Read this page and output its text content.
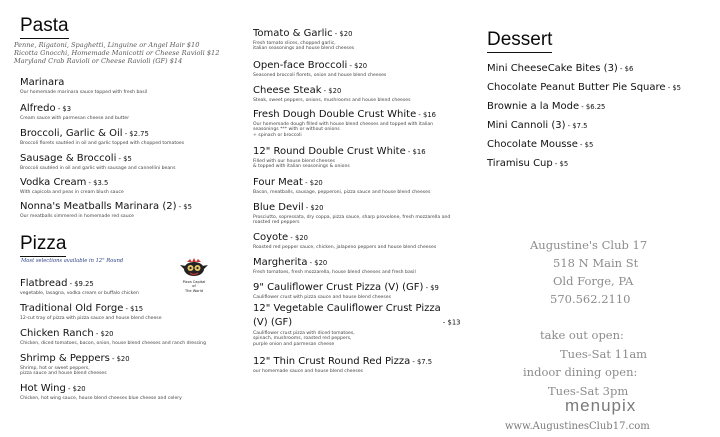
Pasta
Penne, Rigatoni, Spaghetti, Linguine or Angel Hair $10
Ricotta Gnocchi, Homemade Manicotti or Cheese Ravioli $12
Maryland Crab Ravioli or Cheese Ravioli (GF) $14
Marinara
Our homemade marinara sauce topped with fresh basil
Alfredo - $3
Cream sauce with parmesan cheese and butter
Broccoli, Garlic & Oil - $2.75
Broccoli florets sautéed in oil and garlic topped with chopped tomatoes
Sausage & Broccoli - $5
Broccoli sautéed in oil and garlic with sausage and cannellini beans
Vodka Cream - $3.5
With capicola and peas in cream blush sauce
Nonna's Meatballs Marinara (2) - $5
Our meatballs simmered in homemade red sauce
Pizza
Most selections available in 12" Round
Pizza Capital
of
The World
Flatbread - $9.25
vegetable, lasagna, vodka cream or buffalo chicken
Traditional Old Forge - $15
12-cut tray of pizza with pizza sauce and house blend cheese
Chicken Ranch - $20
Chicken, diced tomatoes, bacon, onion, house blend cheeses and ranch dressing
Shrimp & Peppers - $20
Shrimp, hot or sweet peppers,
pizza sauce and house blend cheeses
Hot Wing - $20
Chicken, hot wing sauce, house blend cheeses blue cheese and celery
Tomato & Garlic - $20
Fresh tomato slices, chopped garlic,
italian seasonings and house blend cheeses
Open-face Broccoli - $20
Seasoned broccoli florets, onion and house blend cheeses
Cheese Steak - $20
Steak, sweet peppers, onions, mushrooms and house blend cheeses
Fresh Dough Double Crust White - $16
Our homemade dough filled with house blend cheeses and topped with italian
seasonings *** with or without onions
+ spinach or broccoli
12" Round Double Crust White - $16
Filled with our house blend cheeses
& topped with italian seasonings & onions
Four Meat - $20
Bacon, meatballs, sausage, pepperoni, pizza sauce and house blend cheeses
Blue Devil - $20
Prosciutto, sopressata, dry coppa, pizza sauce, sharp provolone, fresh mozzarella and
roasted red peppers
Coyote - $20
Roasted red pepper sauce, chicken, jalapeno peppers and house blend cheeses
Margherita - $20
Fresh tomatoes, fresh mozzarella, house blend cheeses and fresh basil
9" Cauliflower Crust Pizza (V) (GF) - $9
Cauliflower crust with pizza sauce and house blend cheeses
12" Vegetable Cauliflower Crust Pizza
(V) (GF)	- $13
Cauliflower crust pizza with diced tomatoes,
spinach, mushrooms, roasted red peppers,
purple onion and parmesan cheese
12" Thin Crust Round Red Pizza - $7.5
our homemade sauce and house blend cheeses
Dessert
Mini CheeseCake Bites (3) - $6
Chocolate Peanut Butter Pie Square - $5
Brownie a la Mode - $6.25
Mini Cannoli (3) - $7.5
Chocolate Mousse - $5
Tiramisu Cup - $5
Augustine's Club 17
518 N Main St
Old Forge, PA
570.562.2110
take out open:
Tues-Sat 11am
indoor dining open:
Tues-Sat 3pm
menupix
www.AugustinesClub17.com
